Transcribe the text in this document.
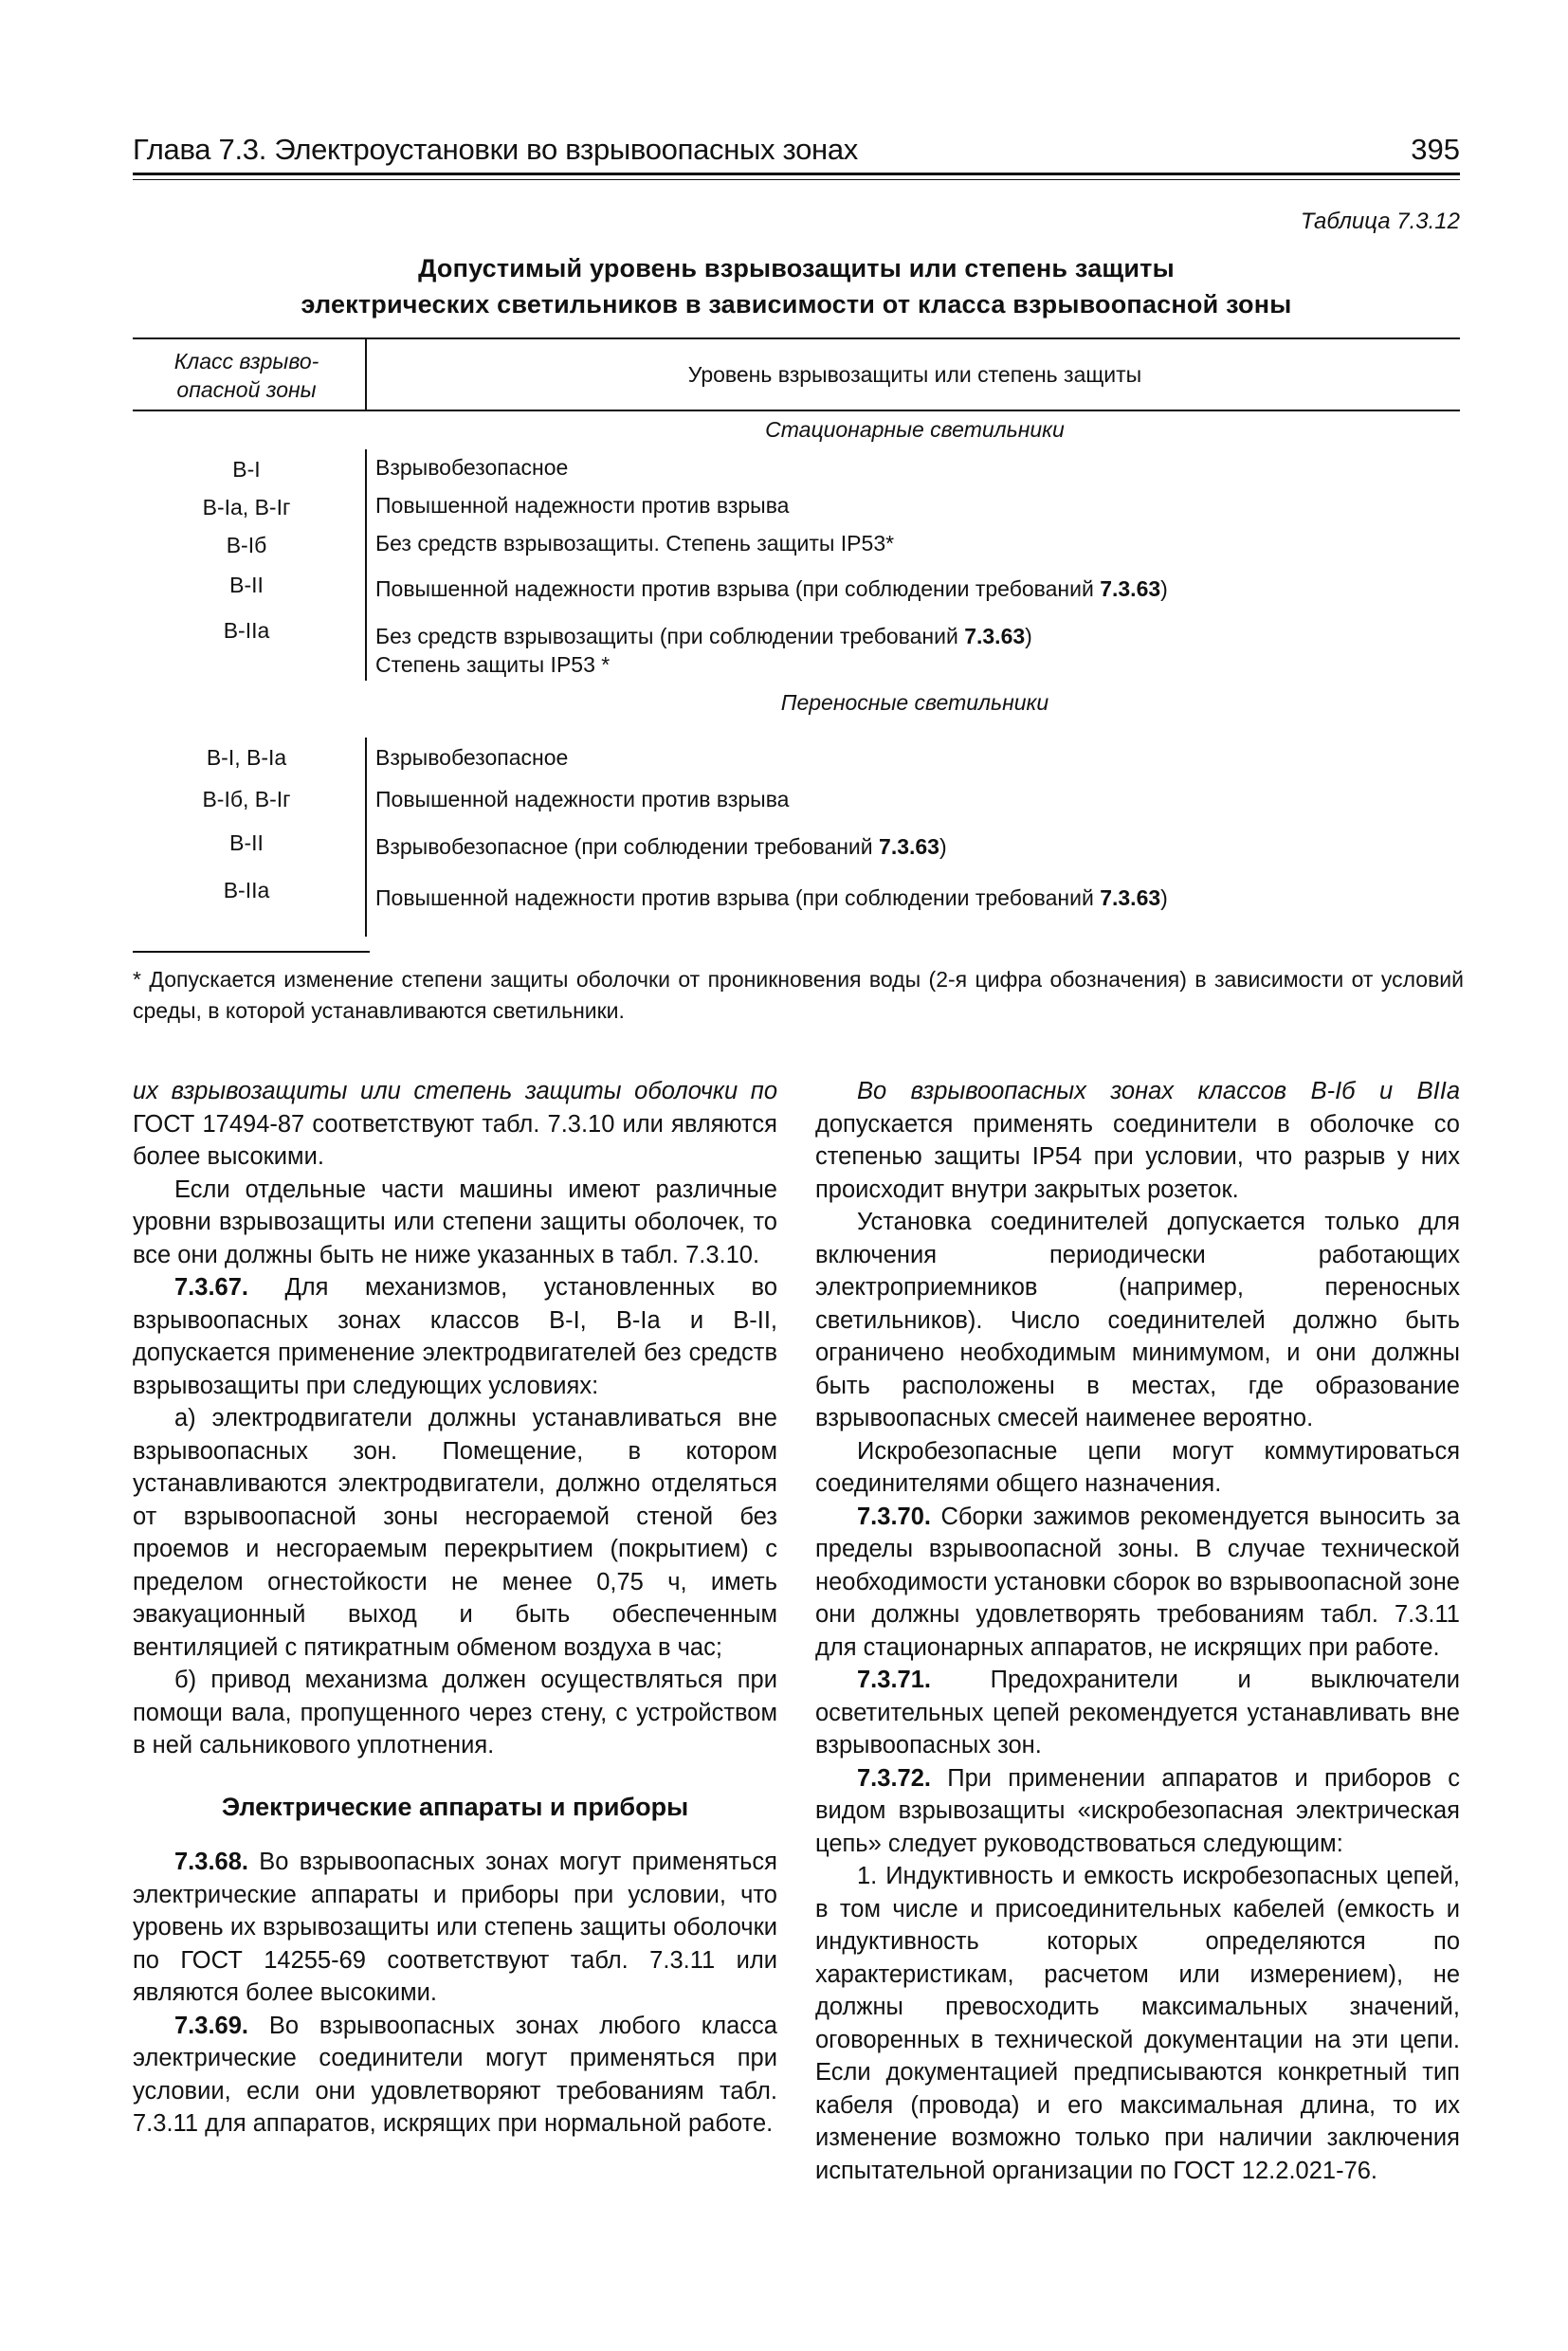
Глава 7.3. Электроустановки во взрывоопасных зонах	395
Таблица 7.3.12
Допустимый уровень взрывозащиты или степень защиты
электрических светильников в зависимости от класса взрывоопасной зоны
Класс взрыво-
опасной зоны
Уровень взрывозащиты или степень защиты
Стационарные светильники
В-I	Взрывобезопасное
В-Iа, В-Iг	Повышенной надежности против взрыва
В-Iб	Без средств взрывозащиты. Степень защиты IP53*
В-II	Повышенной надежности против взрыва (при соблюдении требований 7.3.63)
В-IIа	Без средств взрывозащиты (при соблюдении требований 7.3.63)
Степень защиты IP53 *
Переносные светильники
В-I, В-Iа	Взрывобезопасное
В-Iб, В-Iг	Повышенной надежности против взрыва
В-II	Взрывобезопасное (при соблюдении требований 7.3.63)
В-IIа	Повышенной надежности против взрыва (при соблюдении требований 7.3.63)
* Допускается изменение степени защиты оболочки от проникновения воды (2-я цифра обозначения) в зависимости от условий среды, в которой устанавливаются светильники.

их взрывозащиты или степень защиты оболочки по ГОСТ 17494-87 соответствуют табл. 7.3.10 или являются более высокими.

Если отдельные части машины имеют различные уровни взрывозащиты или степени защиты оболочек, то все они должны быть не ниже указанных в табл. 7.3.10.

7.3.67. Для механизмов, установленных во взрывоопасных зонах классов В-I, В-Iа и В-II, допускается применение электродвигателей без средств взрывозащиты при следующих условиях:

а) электродвигатели должны устанавливаться вне взрывоопасных зон. Помещение, в котором устанавливаются электродвигатели, должно отделяться от взрывоопасной зоны несгораемой стеной без проемов и несгораемым перекрытием (покрытием) с пределом огнестойкости не менее 0,75 ч, иметь эвакуационный выход и быть обеспеченным вентиляцией с пятикратным обменом воздуха в час;

б) привод механизма должен осуществляться при помощи вала, пропущенного через стену, с устройством в ней сальникового уплотнения.

Электрические аппараты и приборы

7.3.68. Во взрывоопасных зонах могут применяться электрические аппараты и приборы при условии, что уровень их взрывозащиты или степень защиты оболочки по ГОСТ 14255-69 соответствуют табл. 7.3.11 или являются более высокими.

7.3.69. Во взрывоопасных зонах любого класса электрические соединители могут применяться при условии, если они удовлетворяют требованиям табл. 7.3.11 для аппаратов, искрящих при нормальной работе.

Во взрывоопасных зонах классов В-Iб и ВIIа допускается применять соединители в оболочке со степенью защиты IP54 при условии, что разрыв у них происходит внутри закрытых розеток.

Установка соединителей допускается только для включения периодически работающих электроприемников (например, переносных светильников). Число соединителей должно быть ограничено необходимым минимумом, и они должны быть расположены в местах, где образование взрывоопасных смесей наименее вероятно.

Искробезопасные цепи могут коммутироваться соединителями общего назначения.

7.3.70. Сборки зажимов рекомендуется выносить за пределы взрывоопасной зоны. В случае технической необходимости установки сборок во взрывоопасной зоне они должны удовлетворять требованиям табл. 7.3.11 для стационарных аппаратов, не искрящих при работе.

7.3.71. Предохранители и выключатели осветительных цепей рекомендуется устанавливать вне взрывоопасных зон.

7.3.72. При применении аппаратов и приборов с видом взрывозащиты «искробезопасная электрическая цепь» следует руководствоваться следующим:

1. Индуктивность и емкость искробезопасных цепей, в том числе и присоединительных кабелей (емкость и индуктивность которых определяются по характеристикам, расчетом или измерением), не должны превосходить максимальных значений, оговоренных в технической документации на эти цепи. Если документацией предписываются конкретный тип кабеля (провода) и его максимальная длина, то их изменение возможно только при наличии заключения испытательной организации по ГОСТ 12.2.021-76.
